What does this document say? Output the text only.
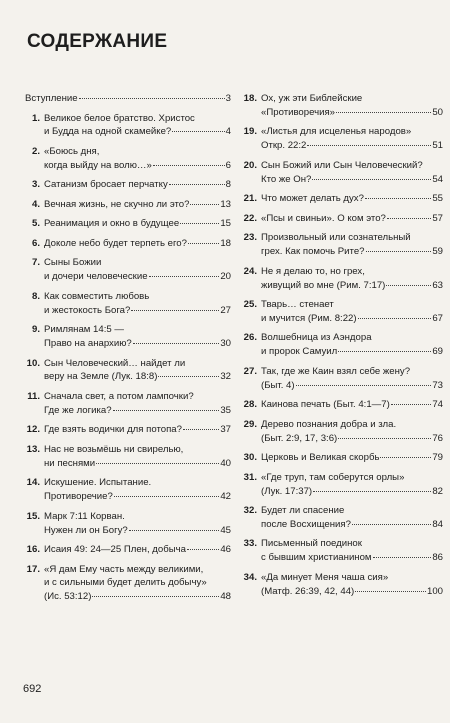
СОДЕРЖАНИЕ
Вступление	3
1. Великое белое братство. Христос
и Будда на одной скамейке?	4
2. «Боюсь дня,
когда выйду на волю…»	6
3. Сатанизм бросает перчатку	8
4. Вечная жизнь, не скучно ли это?	13
5. Реанимация и окно в будущее	15
6. Доколе небо будет терпеть его?	18
7. Сыны Божии
и дочери человеческие	20
8. Как совместить любовь
и жестокость Бога?	27
9. Римлянам 14:5 —
Право на анархию?	30
10. Сын Человеческий… найдет ли
веру на Земле (Лук. 18:8)	32
11. Сначала свет, а потом лампочки?
Где же логика?	35
12. Где взять водички для потопа?	37
13. Нас не возьмёшь ни свирелью,
ни песнями	40
14. Искушение. Испытание.
Противоречие?	42
15. Марк 7:11 Корван.
Нужен ли он Богу?	45
16. Исаия 49: 24—25 Плен, добыча	46
17. «Я дам Ему часть между великими,
и с сильными будет делить добычу»
(Ис. 53:12)	48
18. Ох, уж эти Библейские
«Противоречия»	50
19. «Листья для исцеленья народов»
Откр. 22:2	51
20. Сын Божий или Сын Человеческий?
Кто же Он?	54
21. Что может делать дух?	55
22. «Псы и свиньи». О ком это?	57
23. Произвольный или сознательный
грех. Как помочь Рите?	59
24. Не я делаю то, но грех,
живущий во мне (Рим. 7:17)	63
25. Тварь… стенает
и мучится (Рим. 8:22)	67
26. Волшебница из Аэндора
и пророк Самуил	69
27. Так, где же Каин взял себе жену?
(Быт. 4)	73
28. Каинова печать (Быт. 4:1—7)	74
29. Дерево познания добра и зла.
(Быт. 2:9, 17, 3:6)	76
30. Церковь и Великая скорбь	79
31. «Где труп, там соберутся орлы»
(Лук. 17:37)	82
32. Будет ли спасение
после Восхищения?	84
33. Письменный поединок
с бывшим христианином	86
34. «Да минует Меня чаша сия»
(Матф. 26:39, 42, 44)	100

692
